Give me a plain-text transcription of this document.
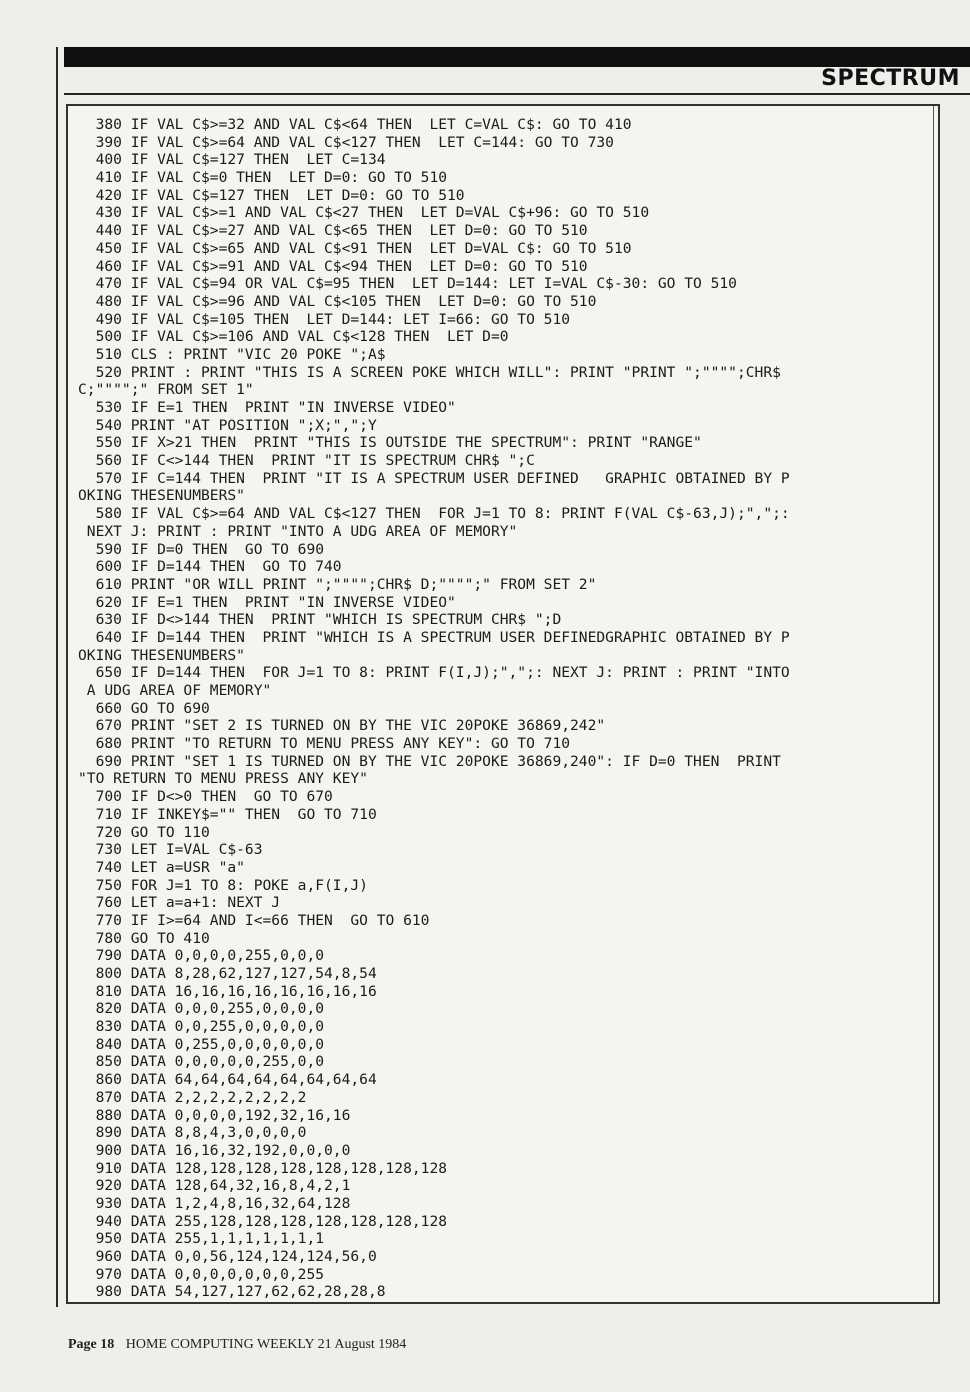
SPECTRUM
380 IF VAL C$>=32 AND VAL C$<64 THEN  LET C=VAL C$: GO TO 410
390 IF VAL C$>=64 AND VAL C$<127 THEN  LET C=144: GO TO 730
400 IF VAL C$=127 THEN  LET C=134
410 IF VAL C$=0 THEN  LET D=0: GO TO 510
420 IF VAL C$=127 THEN  LET D=0: GO TO 510
430 IF VAL C$>=1 AND VAL C$<27 THEN  LET D=VAL C$+96: GO TO 510
440 IF VAL C$>=27 AND VAL C$<65 THEN  LET D=0: GO TO 510
450 IF VAL C$>=65 AND VAL C$<91 THEN  LET D=VAL C$: GO TO 510
460 IF VAL C$>=91 AND VAL C$<94 THEN  LET D=0: GO TO 510
470 IF VAL C$=94 OR VAL C$=95 THEN  LET D=144: LET I=VAL C$-30: GO TO 510
480 IF VAL C$>=96 AND VAL C$<105 THEN  LET D=0: GO TO 510
490 IF VAL C$=105 THEN  LET D=144: LET I=66: GO TO 510
500 IF VAL C$>=106 AND VAL C$<128 THEN  LET D=0
510 CLS : PRINT "VIC 20 POKE ";A$
520 PRINT : PRINT "THIS IS A SCREEN POKE WHICH WILL": PRINT "PRINT ";"""";CHR$
C;"""";" FROM SET 1"
530 IF E=1 THEN  PRINT "IN INVERSE VIDEO"
540 PRINT "AT POSITION ";X;",";Y
550 IF X>21 THEN  PRINT "THIS IS OUTSIDE THE SPECTRUM": PRINT "RANGE"
560 IF C<>144 THEN  PRINT "IT IS SPECTRUM CHR$ ";C
570 IF C=144 THEN  PRINT "IT IS A SPECTRUM USER DEFINED   GRAPHIC OBTAINED BY P
OKING THESENUMBERS"
580 IF VAL C$>=64 AND VAL C$<127 THEN  FOR J=1 TO 8: PRINT F(VAL C$-63,J);",";:
NEXT J: PRINT : PRINT "INTO A UDG AREA OF MEMORY"
590 IF D=0 THEN  GO TO 690
600 IF D=144 THEN  GO TO 740
610 PRINT "OR WILL PRINT ";"""";CHR$ D;"""";" FROM SET 2"
620 IF E=1 THEN  PRINT "IN INVERSE VIDEO"
630 IF D<>144 THEN  PRINT "WHICH IS SPECTRUM CHR$ ";D
640 IF D=144 THEN  PRINT "WHICH IS A SPECTRUM USER DEFINEDGRAPHIC OBTAINED BY P
OKING THESENUMBERS"
650 IF D=144 THEN  FOR J=1 TO 8: PRINT F(I,J);",";: NEXT J: PRINT : PRINT "INTO
A UDG AREA OF MEMORY"
660 GO TO 690
670 PRINT "SET 2 IS TURNED ON BY THE VIC 20POKE 36869,242"
680 PRINT "TO RETURN TO MENU PRESS ANY KEY": GO TO 710
690 PRINT "SET 1 IS TURNED ON BY THE VIC 20POKE 36869,240": IF D=0 THEN  PRINT
"TO RETURN TO MENU PRESS ANY KEY"
700 IF D<>0 THEN  GO TO 670
710 IF INKEY$="" THEN  GO TO 710
720 GO TO 110
730 LET I=VAL C$-63
740 LET a=USR "a"
750 FOR J=1 TO 8: POKE a,F(I,J)
760 LET a=a+1: NEXT J
770 IF I>=64 AND I<=66 THEN  GO TO 610
780 GO TO 410
790 DATA 0,0,0,0,255,0,0,0
800 DATA 8,28,62,127,127,54,8,54
810 DATA 16,16,16,16,16,16,16,16
820 DATA 0,0,0,255,0,0,0,0
830 DATA 0,0,255,0,0,0,0,0
840 DATA 0,255,0,0,0,0,0,0
850 DATA 0,0,0,0,0,255,0,0
860 DATA 64,64,64,64,64,64,64,64
870 DATA 2,2,2,2,2,2,2,2
880 DATA 0,0,0,0,192,32,16,16
890 DATA 8,8,4,3,0,0,0,0
900 DATA 16,16,32,192,0,0,0,0
910 DATA 128,128,128,128,128,128,128,128
920 DATA 128,64,32,16,8,4,2,1
930 DATA 1,2,4,8,16,32,64,128
940 DATA 255,128,128,128,128,128,128,128
950 DATA 255,1,1,1,1,1,1,1
960 DATA 0,0,56,124,124,124,56,0
970 DATA 0,0,0,0,0,0,0,255
980 DATA 54,127,127,62,62,28,28,8
Page 18 HOME COMPUTING WEEKLY 21 August 1984
